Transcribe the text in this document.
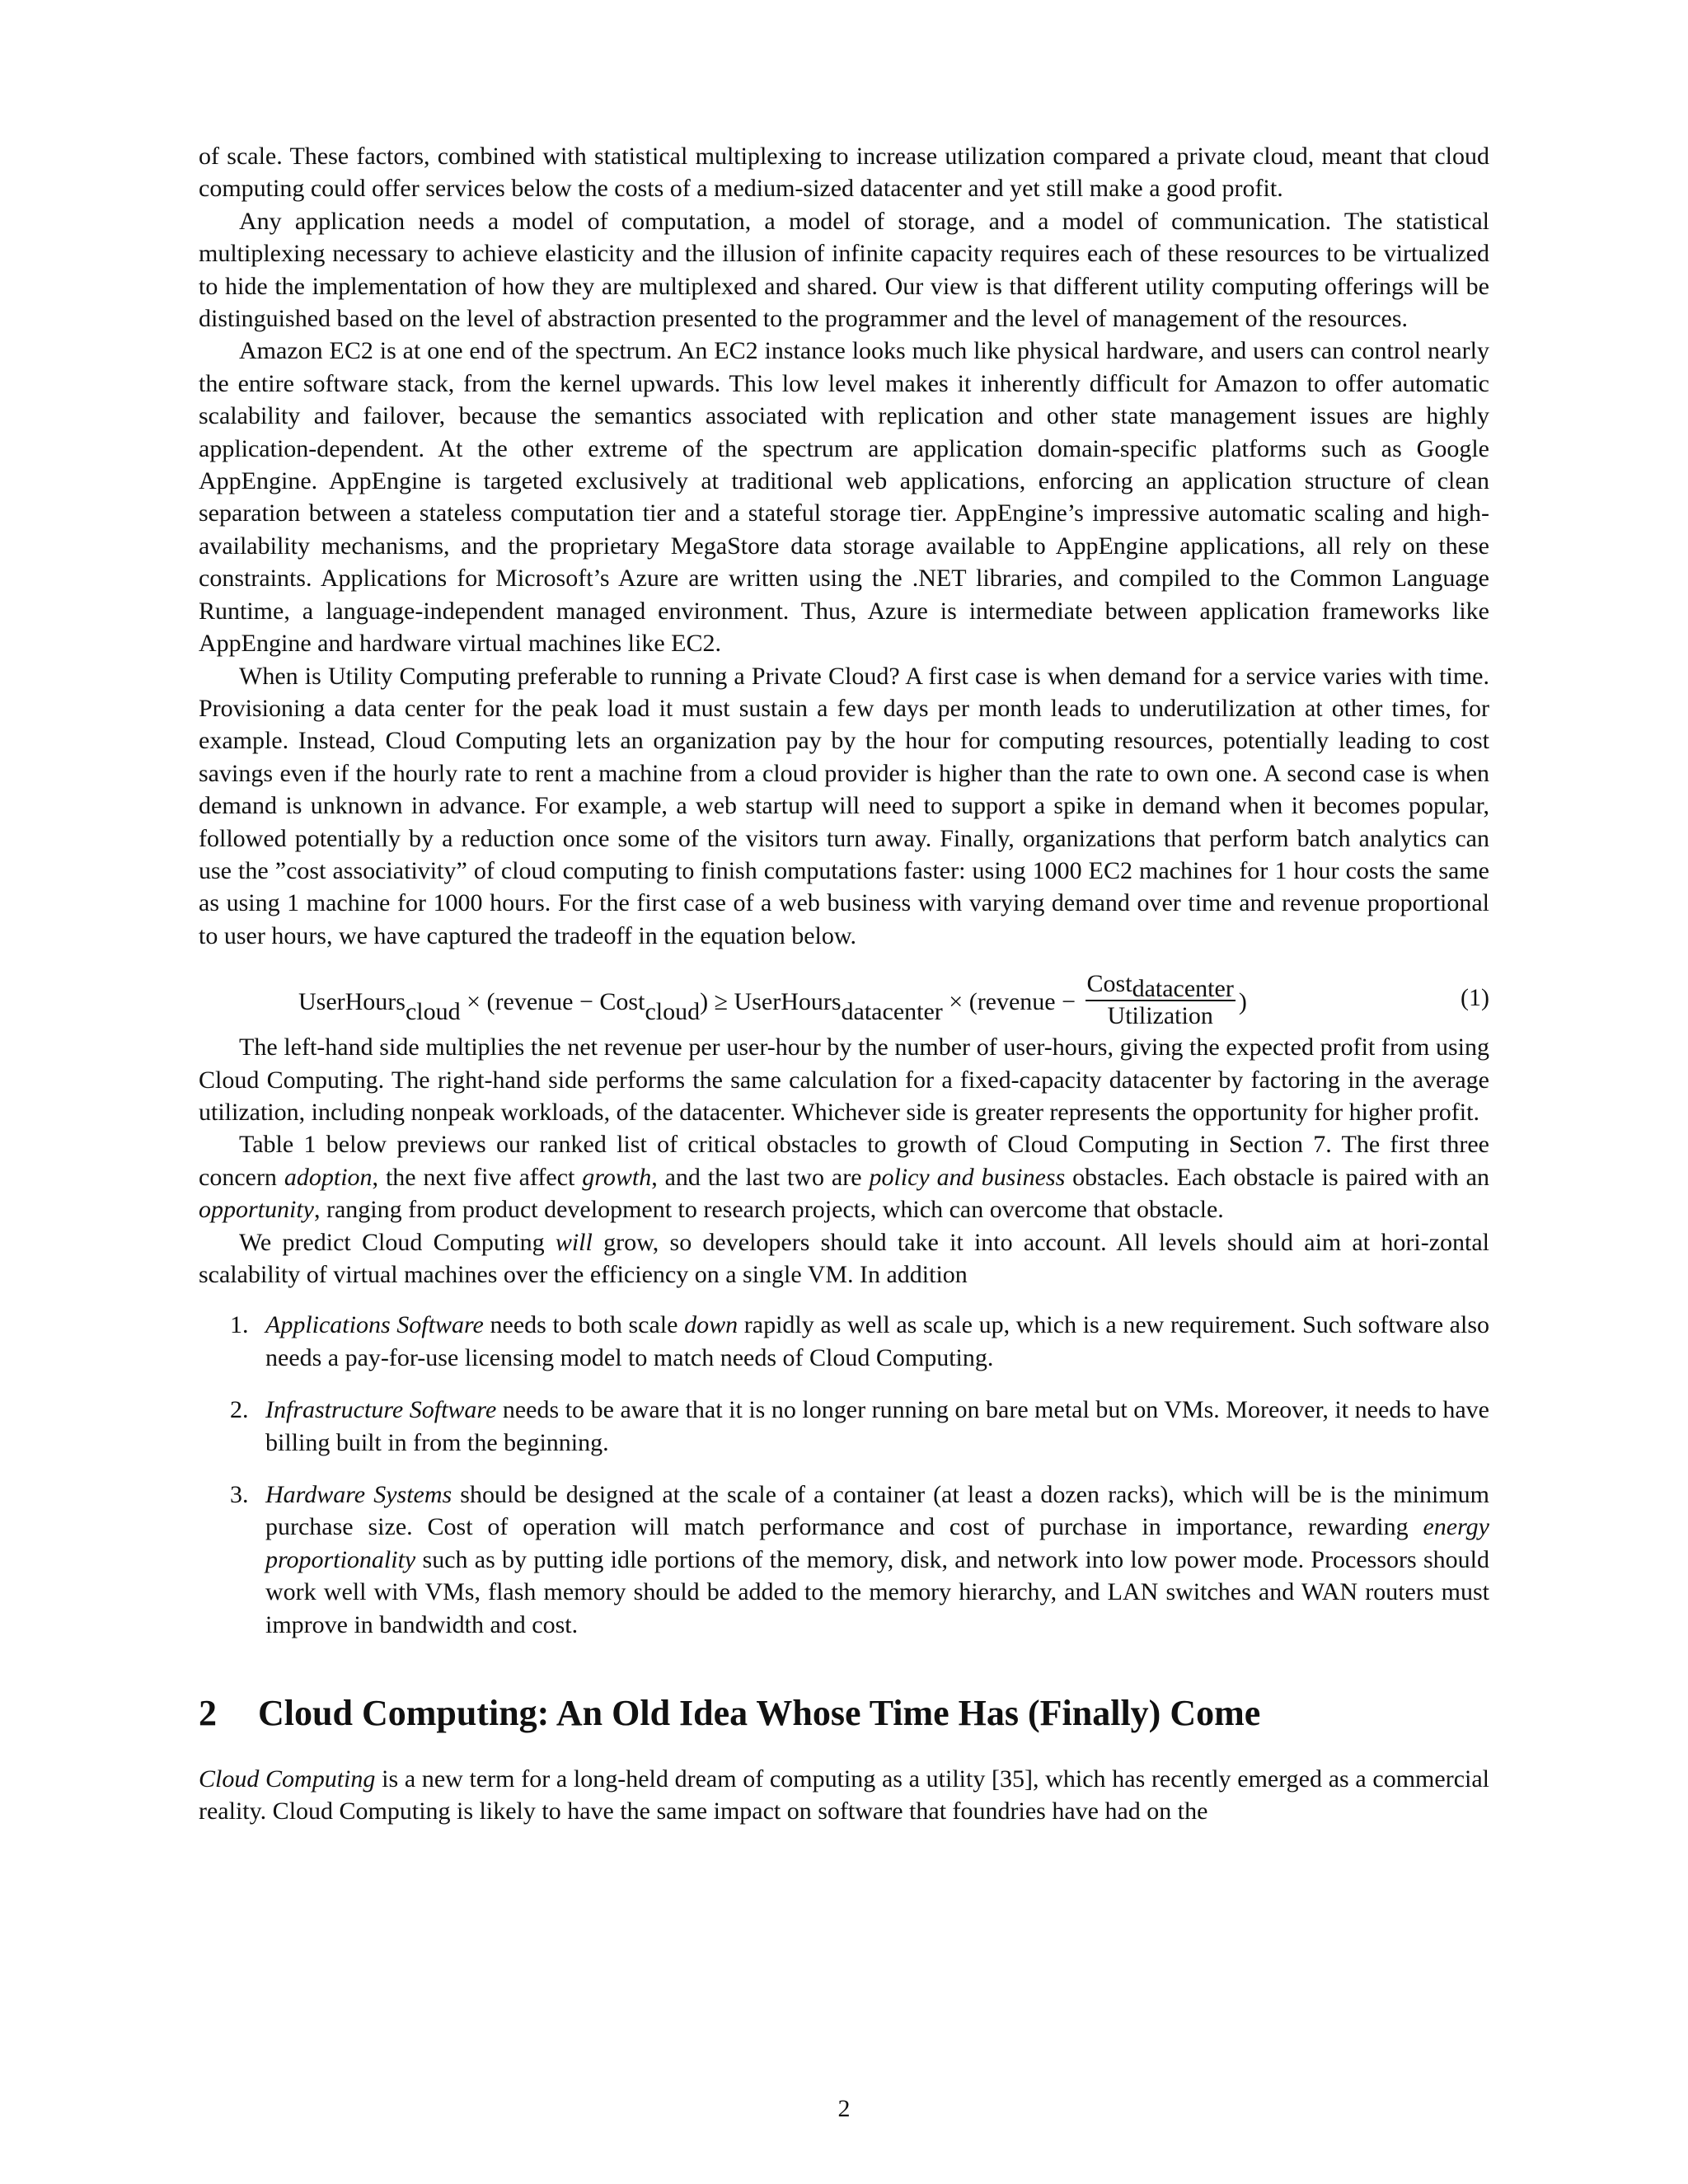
of scale. These factors, combined with statistical multiplexing to increase utilization compared a private cloud, meant that cloud computing could offer services below the costs of a medium-sized datacenter and yet still make a good profit.

Any application needs a model of computation, a model of storage, and a model of communication. The statistical multiplexing necessary to achieve elasticity and the illusion of infinite capacity requires each of these resources to be virtualized to hide the implementation of how they are multiplexed and shared. Our view is that different utility computing offerings will be distinguished based on the level of abstraction presented to the programmer and the level of management of the resources.

Amazon EC2 is at one end of the spectrum. An EC2 instance looks much like physical hardware, and users can control nearly the entire software stack, from the kernel upwards. This low level makes it inherently difficult for Amazon to offer automatic scalability and failover, because the semantics associated with replication and other state management issues are highly application-dependent. At the other extreme of the spectrum are application domain-specific platforms such as Google AppEngine. AppEngine is targeted exclusively at traditional web applications, enforcing an application structure of clean separation between a stateless computation tier and a stateful storage tier. AppEngine’s impressive automatic scaling and high-availability mechanisms, and the proprietary MegaStore data storage available to AppEngine applications, all rely on these constraints. Applications for Microsoft’s Azure are written using the .NET libraries, and compiled to the Common Language Runtime, a language-independent managed environment. Thus, Azure is intermediate between application frameworks like AppEngine and hardware virtual machines like EC2.

When is Utility Computing preferable to running a Private Cloud? A first case is when demand for a service varies with time. Provisioning a data center for the peak load it must sustain a few days per month leads to underutilization at other times, for example. Instead, Cloud Computing lets an organization pay by the hour for computing resources, potentially leading to cost savings even if the hourly rate to rent a machine from a cloud provider is higher than the rate to own one. A second case is when demand is unknown in advance. For example, a web startup will need to support a spike in demand when it becomes popular, followed potentially by a reduction once some of the visitors turn away. Finally, organizations that perform batch analytics can use the ”cost associativity” of cloud computing to finish computations faster: using 1000 EC2 machines for 1 hour costs the same as using 1 machine for 1000 hours. For the first case of a web business with varying demand over time and revenue proportional to user hours, we have captured the tradeoff in the equation below.

UserHours cloud × (revenue − Cost cloud ) ≥ UserHours datacenter × (revenue − $\frac{\text{Costdatacenter}}{\text{Utilization}}$ )	(1)

The left-hand side multiplies the net revenue per user-hour by the number of user-hours, giving the expected profit from using Cloud Computing. The right-hand side performs the same calculation for a fixed-capacity datacenter by factoring in the average utilization, including nonpeak workloads, of the datacenter. Whichever side is greater represents the opportunity for higher profit.

Table 1 below previews our ranked list of critical obstacles to growth of Cloud Computing in Section 7. The first three concern adoption, the next five affect growth, and the last two are policy and business obstacles. Each obstacle is paired with an opportunity, ranging from product development to research projects, which can overcome that obstacle.

We predict Cloud Computing will grow, so developers should take it into account. All levels should aim at hori-zontal scalability of virtual machines over the efficiency on a single VM. In addition

1. Applications Software needs to both scale down rapidly as well as scale up, which is a new requirement. Such software also needs a pay-for-use licensing model to match needs of Cloud Computing.
2. Infrastructure Software needs to be aware that it is no longer running on bare metal but on VMs. Moreover, it needs to have billing built in from the beginning.
3. Hardware Systems should be designed at the scale of a container (at least a dozen racks), which will be is the minimum purchase size. Cost of operation will match performance and cost of purchase in importance, rewarding energy proportionality such as by putting idle portions of the memory, disk, and network into low power mode. Processors should work well with VMs, flash memory should be added to the memory hierarchy, and LAN switches and WAN routers must improve in bandwidth and cost.
2 Cloud Computing: An Old Idea Whose Time Has (Finally) Come

Cloud Computing is a new term for a long-held dream of computing as a utility [35], which has recently emerged as a commercial reality. Cloud Computing is likely to have the same impact on software that foundries have had on the

2
